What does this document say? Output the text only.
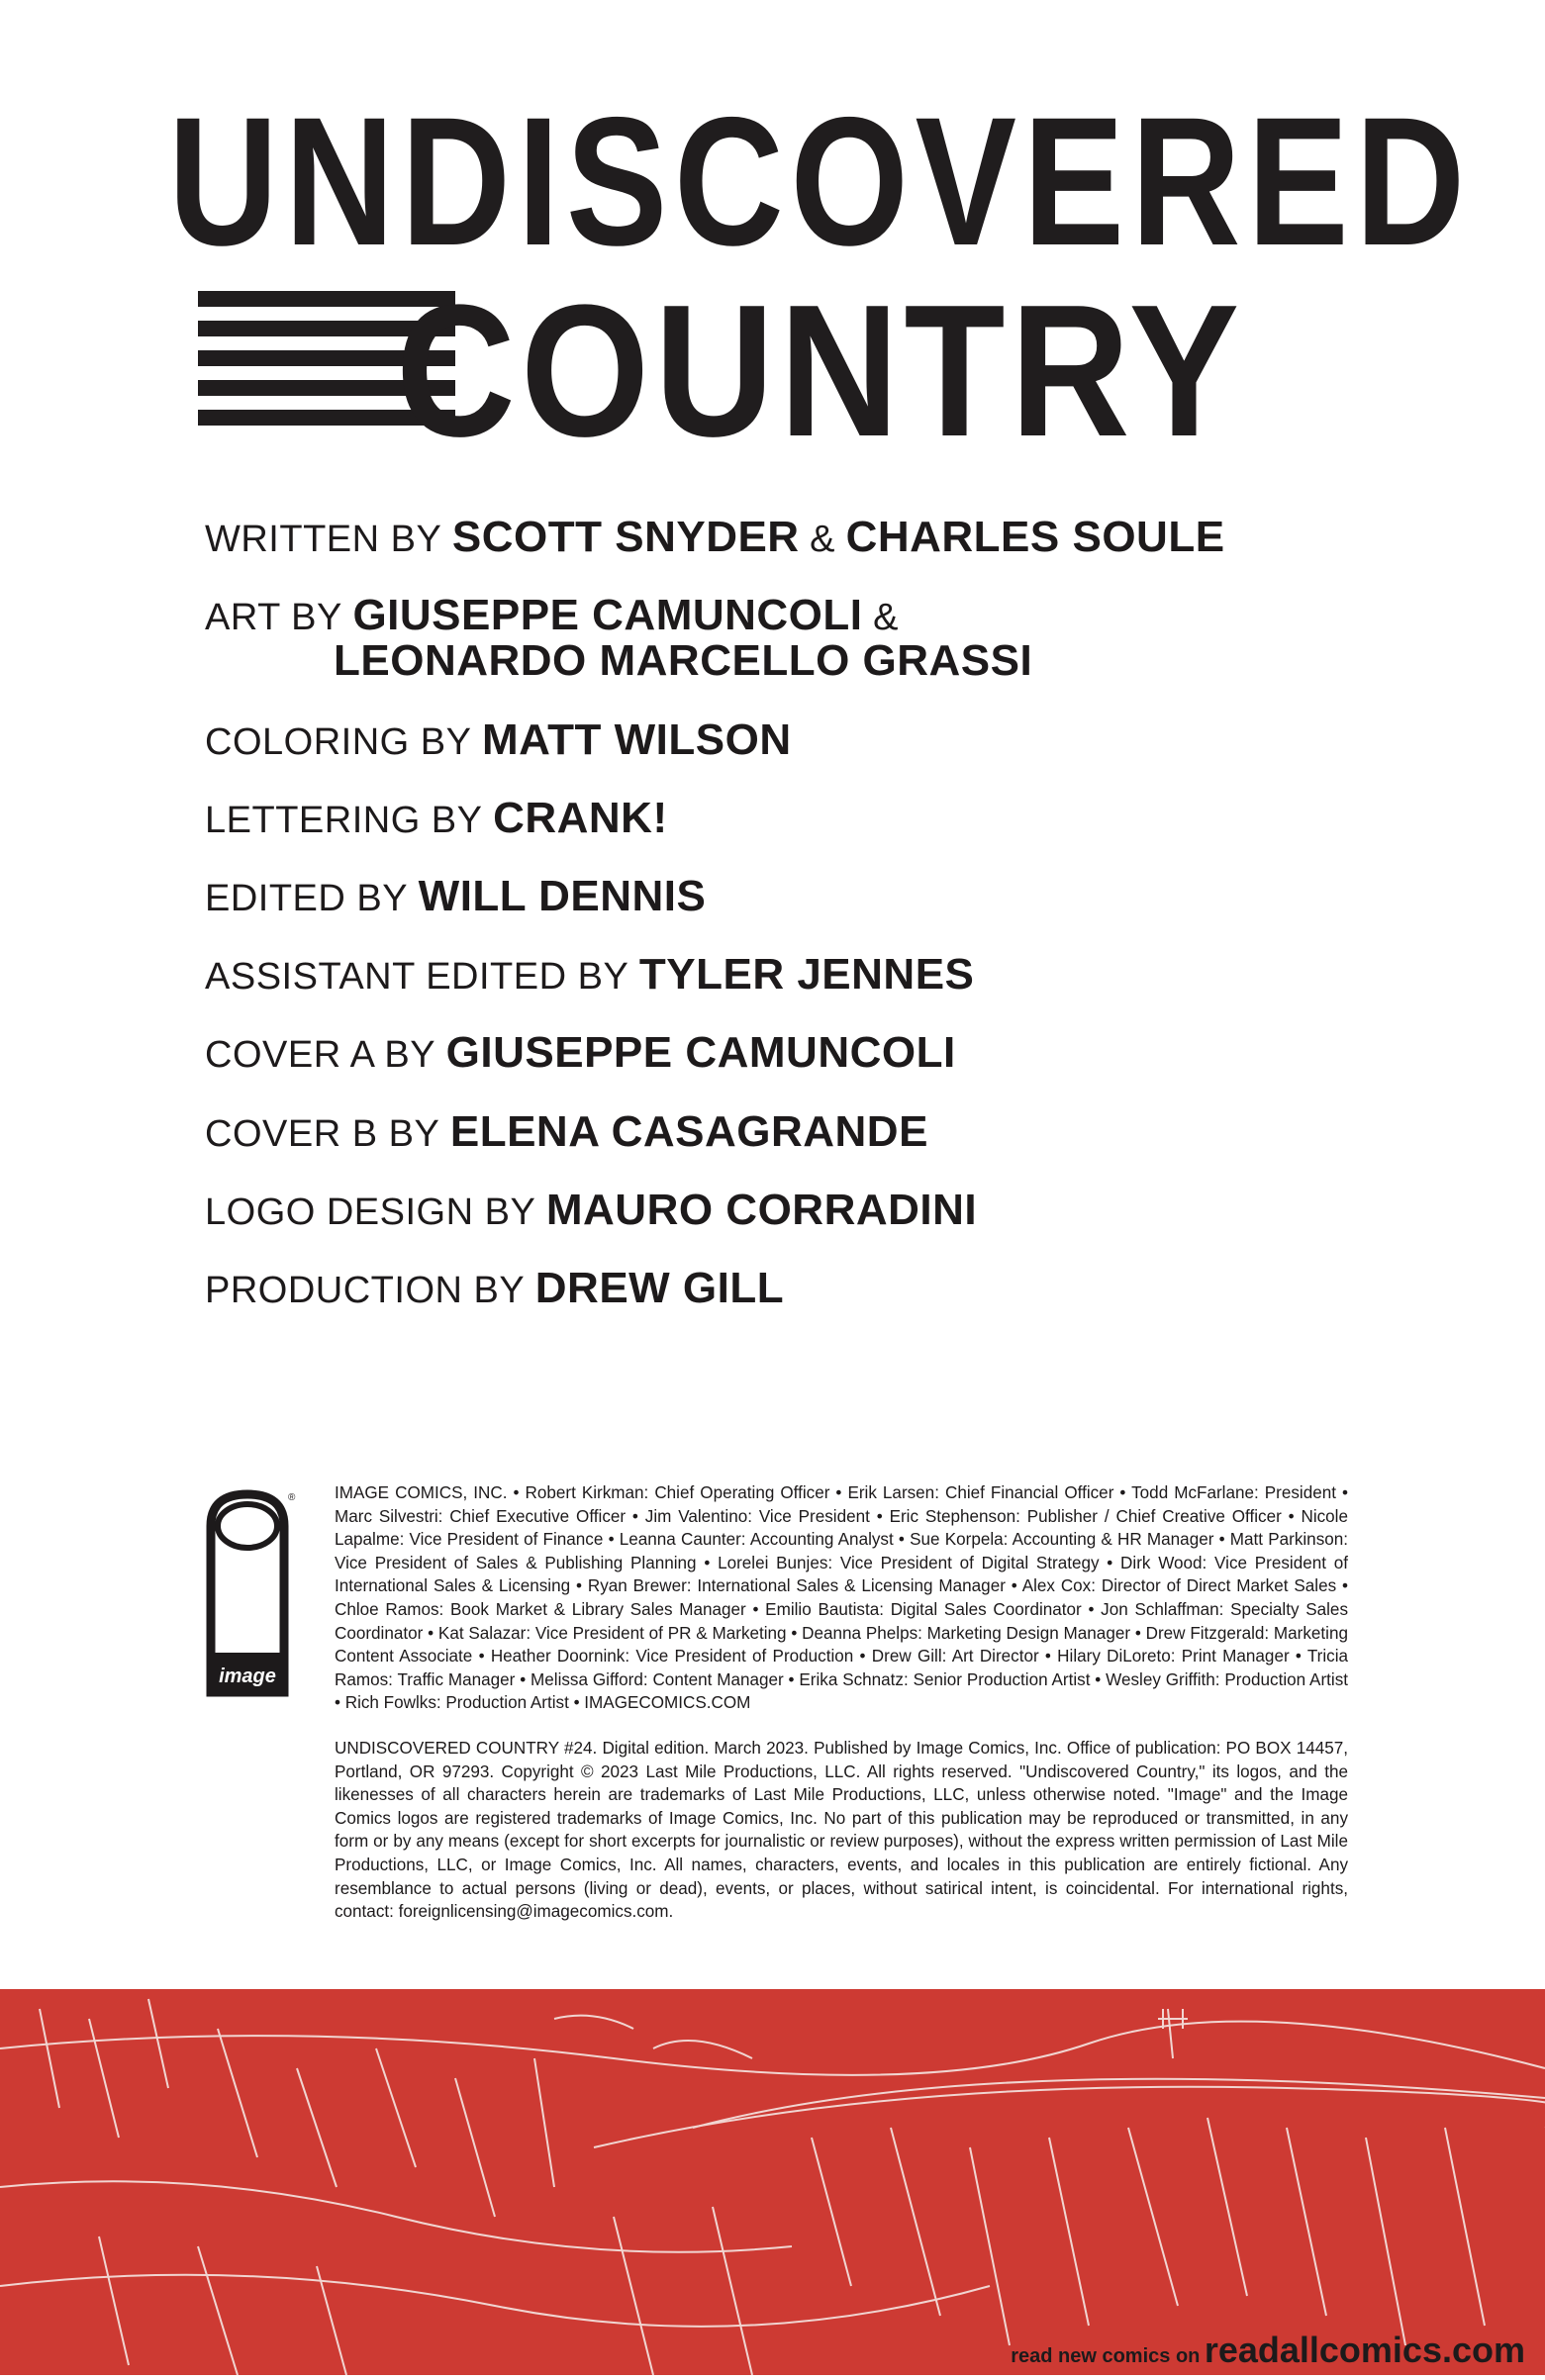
UNDISCOVERED
COUNTRY
WRITTEN BY SCOTT SNYDER & CHARLES SOULE
ART BY GIUSEPPE CAMUNCOLI &
LEONARDO MARCELLO GRASSI
COLORING BY MATT WILSON
LETTERING BY CRANK!
EDITED BY WILL DENNIS
ASSISTANT EDITED BY TYLER JENNES
COVER A BY GIUSEPPE CAMUNCOLI
COVER B BY ELENA CASAGRANDE
LOGO DESIGN BY MAURO CORRADINI
PRODUCTION BY DREW GILL
image
® IMAGE COMICS, INC. • Robert Kirkman: Chief Operating Officer • Erik Larsen: Chief Financial Officer • Todd McFarlane: President • Marc Silvestri: Chief Executive Officer • Jim Valentino: Vice President • Eric Stephenson: Publisher / Chief Creative Officer • Nicole Lapalme: Vice President of Finance • Leanna Caunter: Accounting Analyst • Sue Korpela: Accounting & HR Manager • Matt Parkinson: Vice President of Sales & Publishing Planning • Lorelei Bunjes: Vice President of Digital Strategy • Dirk Wood: Vice President of International Sales & Licensing • Ryan Brewer: International Sales & Licensing Manager • Alex Cox: Director of Direct Market Sales • Chloe Ramos: Book Market & Library Sales Manager • Emilio Bautista: Digital Sales Coordinator • Jon Schlaffman: Specialty Sales Coordinator • Kat Salazar: Vice President of PR & Marketing • Deanna Phelps: Marketing Design Manager • Drew Fitzgerald: Marketing Content Associate • Heather Doornink: Vice President of Production • Drew Gill: Art Director • Hilary DiLoreto: Print Manager • Tricia Ramos: Traffic Manager • Melissa Gifford: Content Manager • Erika Schnatz: Senior Production Artist • Wesley Griffith: Production Artist • Rich Fowlks: Production Artist • IMAGECOMICS.COM
UNDISCOVERED COUNTRY #24. Digital edition. March 2023. Published by Image Comics, Inc. Office of publication: PO BOX 14457, Portland, OR 97293. Copyright © 2023 Last Mile Productions, LLC. All rights reserved. "Undiscovered Country," its logos, and the likenesses of all characters herein are trademarks of Last Mile Productions, LLC, unless otherwise noted. "Image" and the Image Comics logos are registered trademarks of Image Comics, Inc. No part of this publication may be reproduced or transmitted, in any form or by any means (except for short excerpts for journalistic or review purposes), without the express written permission of Last Mile Productions, LLC, or Image Comics, Inc. All names, characters, events, and locales in this publication are entirely fictional. Any resemblance to actual persons (living or dead), events, or places, without satirical intent, is coincidental. For international rights, contact: foreignlicensing@imagecomics.com.
read new comics on readallcomics.com
